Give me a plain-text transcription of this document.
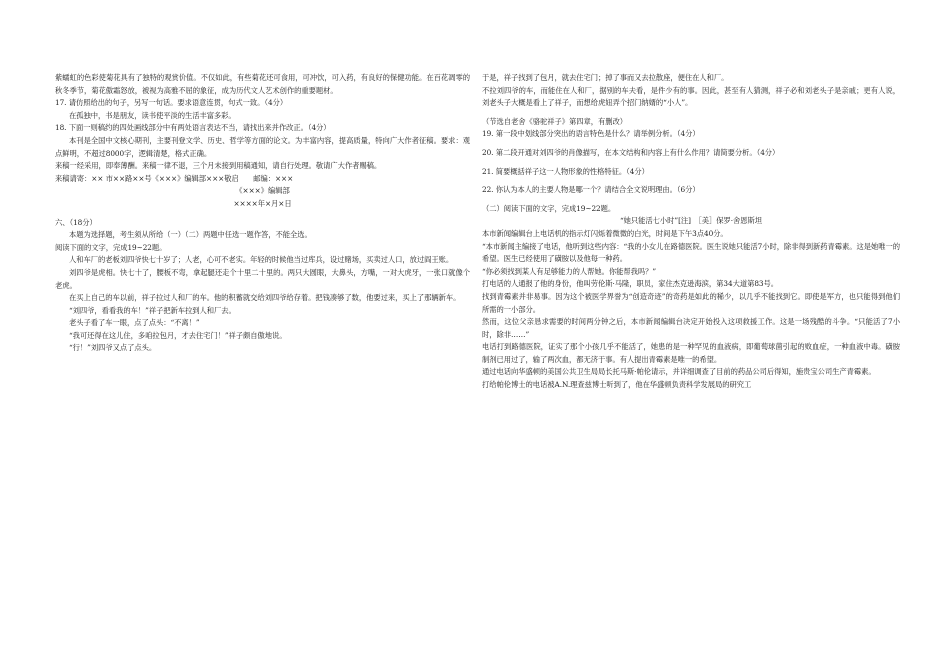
紫蠕虹的色彩使菊花具有了独特的观赏价值。不仅如此，有些菊花还可食用，可冲饮，可入药，有良好的保健功能。在百花凋零的秋冬季节，菊花傲霜怒放，被视为高雅不屈的象征，成为历代文人艺术创作的重要题材。

17. 请仿照给出的句子，另写一句话。要求语意连贯，句式一致。（4分）

在孤独中，书是朋友，读书使平淡的生活丰富多彩。

18. 下面一则稿约的四处画线部分中有两处语言表达不当，请找出来并作改正。（4分）

本刊是全国中文核心期刊，主要刊登文学、历史、哲学等方面的论文。为丰富内容，提高质量，特向广大作者征稿。要求：观点鲜明，不超过8000字，逻辑清楚，格式正确。

来稿一经采用，即奉薄酬。来稿一律不退，三个月未接到用稿通知，请自行处理。敬请广大作者赐稿。

来稿请寄：×× 市××路××号《×××》编辑部×××敬启　　邮编：×××

《×××》编辑部

××××年×月×日

六、（18分）

本题为选择题，考生须从所给（一）（二）两题中任选一题作答，不能全选。

阅读下面的文字，完成19~22题。

人和车厂的老板刘四爷快七十岁了；人老，心可不老实。年轻的时候他当过库兵，设过赌场，买卖过人口，放过阎王账。

刘四爷是虎相。快七十了，腰板不弯，拿起腿还走个十里二十里的。两只大圆眼，大鼻头，方嘴，一对大虎牙，一张口就像个老虎。

在买上自己的车以前，祥子拉过人和厂的车。他的积蓄就交给刘四爷给存着。把钱凑够了数，他要过来，买上了那辆新车。

“刘四爷，看看我的车！”祥子把新车拉到人和厂去。

老头子看了车一眼，点了点头：“不离！”

“我可还得在这儿住，多咱拉包月，才去住宅门！”祥子颇自傲地说。

“行！”刘四爷又点了点头。

于是，祥子找到了包月，就去住宅门；掉了事而又去拉散座，便住在人和厂。

不拉刘四爷的车，而能住在人和厂，据别的车夫看，是件少有的事。因此，甚至有人猜测，祥子必和刘老头子是亲戚；更有人说，刘老头子大概是看上了祥子，而想给虎妞弄个招门纳婿的“小人”。

（节选自老舍《骆驼祥子》第四章，有删改）

19. 第一段中划线部分突出的语言特色是什么？请举例分析。（4分）

20. 第二段开通对刘四爷的肖像描写，在本文结构和内容上有什么作用？请简要分析。（4分）

21. 简要概括祥子这一人物形象的性格特征。（4分）

22. 你认为本人的主要人物是哪一个？请结合全文说明理由。（6分）

（二）阅读下面的文字，完成19~22题。

“她只能活七小时”[注]　［美］保罗·舍恩斯坦

本市新闻编辑台上电话机的指示灯闪烁着微微的白光，时间是下午3点40分。

“本市新闻主编接了电话，他听到这些内容：“我的小女儿在路德医院。医生说她只能活7小时，除非得到新药青霉素。这是她唯一的希望。医生已经使用了磺胺以及他每一种药。

“你必须找到某人有足够能力的人帮她。你能帮我吗？”

打电话的人通报了他的身份，他叫劳伦斯·马隆，职员，家住杰克逊海滨，第34大道第83号。

找到青霉素并非易事。因为这个被医学界誉为“创造奇迹”的奇药是如此的稀少，以几乎不能找到它。即使是军方，也只能得到他们所需的一小部分。

然而，这位父亲恳求需要的时间两分钟之后，本市新闻编辑台决定开始投入这项救援工作。这是一场残酷的斗争。“只能活了7小时，除非……”

电话打到路德医院，证实了那个小孩几乎不能活了，她患的是一种罕见的血液病，即葡萄球菌引起的败血症，一种血液中毒。磺胺制剂已用过了，输了两次血，都无济于事。有人提出青霉素是唯一的希望。

通过电话向华盛顿的美国公共卫生局局长托马斯·帕伦请示，并详细调查了目前的药品公司后得知，施贵宝公司生产青霉素。

打给帕伦博士的电话被A.N.理查兹博士听到了，他在华盛顿负责科学发展局的研究工
